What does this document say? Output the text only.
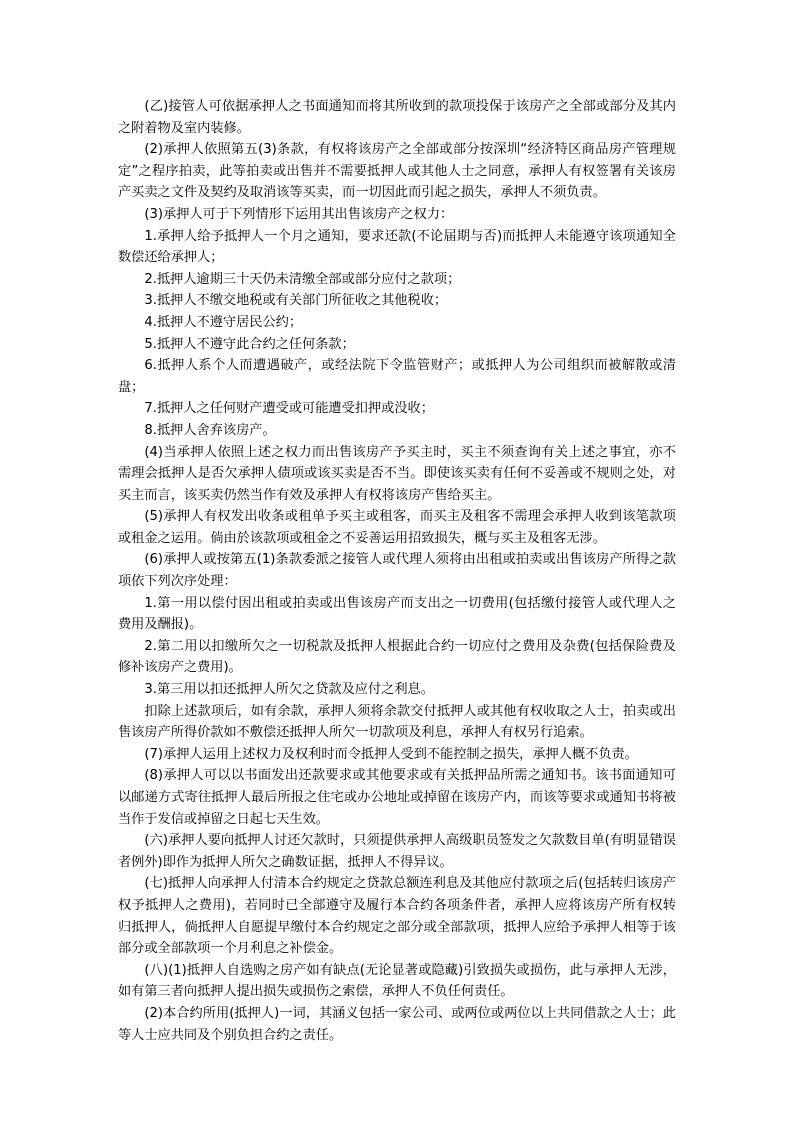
(乙)接管人可依据承押人之书面通知而将其所收到的款项投保于该房产之全部或部分及其内之附着物及室内装修。

(2)承押人依照第五(3)条款，有权将该房产之全部或部分按深圳“经济特区商品房产管理规定”之程序拍卖，此等拍卖或出售并不需要抵押人或其他人士之同意，承押人有权签署有关该房产买卖之文件及契约及取消该等买卖，而一切因此而引起之损失，承押人不须负责。

(3)承押人可于下列情形下运用其出售该房产之权力：

1.承押人给予抵押人一个月之通知，要求还款(不论届期与否)而抵押人未能遵守该项通知全数偿还给承押人；

2.抵押人逾期三十天仍未清缴全部或部分应付之款项；

3.抵押人不缴交地税或有关部门所征收之其他税收；

4.抵押人不遵守居民公约；

5.抵押人不遵守此合约之任何条款；

6.抵押人系个人而遭遇破产，或经法院下令监管财产；或抵押人为公司组织而被解散或清盘；

7.抵押人之任何财产遭受或可能遭受扣押或没收；

8.抵押人舍弃该房产。

(4)当承押人依照上述之权力而出售该房产予买主时，买主不须查询有关上述之事宜，亦不需理会抵押人是否欠承押人债项或该买卖是否不当。即使该买卖有任何不妥善或不规则之处，对买主而言，该买卖仍然当作有效及承押人有权将该房产售给买主。

(5)承押人有权发出收条或租单予买主或租客，而买主及租客不需理会承押人收到该笔款项或租金之运用。倘由於该款项或租金之不妥善运用招致损失，概与买主及租客无涉。

(6)承押人或按第五(1)条款委派之接管人或代理人须将由出租或拍卖或出售该房产所得之款项依下列次序处理：

1.第一用以偿付因出租或拍卖或出售该房产而支出之一切费用(包括缴付接管人或代理人之费用及酬报)。

2.第二用以扣缴所欠之一切税款及抵押人根据此合约一切应付之费用及杂费(包括保险费及修补该房产之费用)。

3.第三用以扣还抵押人所欠之贷款及应付之利息。

扣除上述款项后，如有余款，承押人须将余款交付抵押人或其他有权收取之人士，拍卖或出售该房产所得价款如不敷偿还抵押人所欠一切款项及利息，承押人有权另行追索。

(7)承押人运用上述权力及权利时而令抵押人受到不能控制之损失，承押人概不负责。

(8)承押人可以以书面发出还款要求或其他要求或有关抵押品所需之通知书。该书面通知可以邮递方式寄往抵押人最后所报之住宅或办公地址或掉留在该房产内，而该等要求或通知书将被当作于发信或掉留之日起七天生效。

(六)承押人要向抵押人讨还欠款时，只须提供承押人高级职员签发之欠款数目单(有明显错误者例外)即作为抵押人所欠之确数证据，抵押人不得异议。

(七)抵押人向承押人付清本合约规定之贷款总额连利息及其他应付款项之后(包括转归该房产权予抵押人之费用)，若同时已全部遵守及履行本合约各项条件者，承押人应将该房产所有权转归抵押人，倘抵押人自愿提早缴付本合约规定之部分或全部款项，抵押人应给予承押人相等于该部分或全部款项一个月利息之补偿金。

(八)(1)抵押人自选购之房产如有缺点(无论显著或隐藏)引致损失或损伤，此与承押人无涉，如有第三者向抵押人提出损失或损伤之索偿，承押人不负任何责任。

(2)本合约所用(抵押人)一词，其涵义包括一家公司、或两位或两位以上共同借款之人士；此等人士应共同及个别负担合约之责任。
